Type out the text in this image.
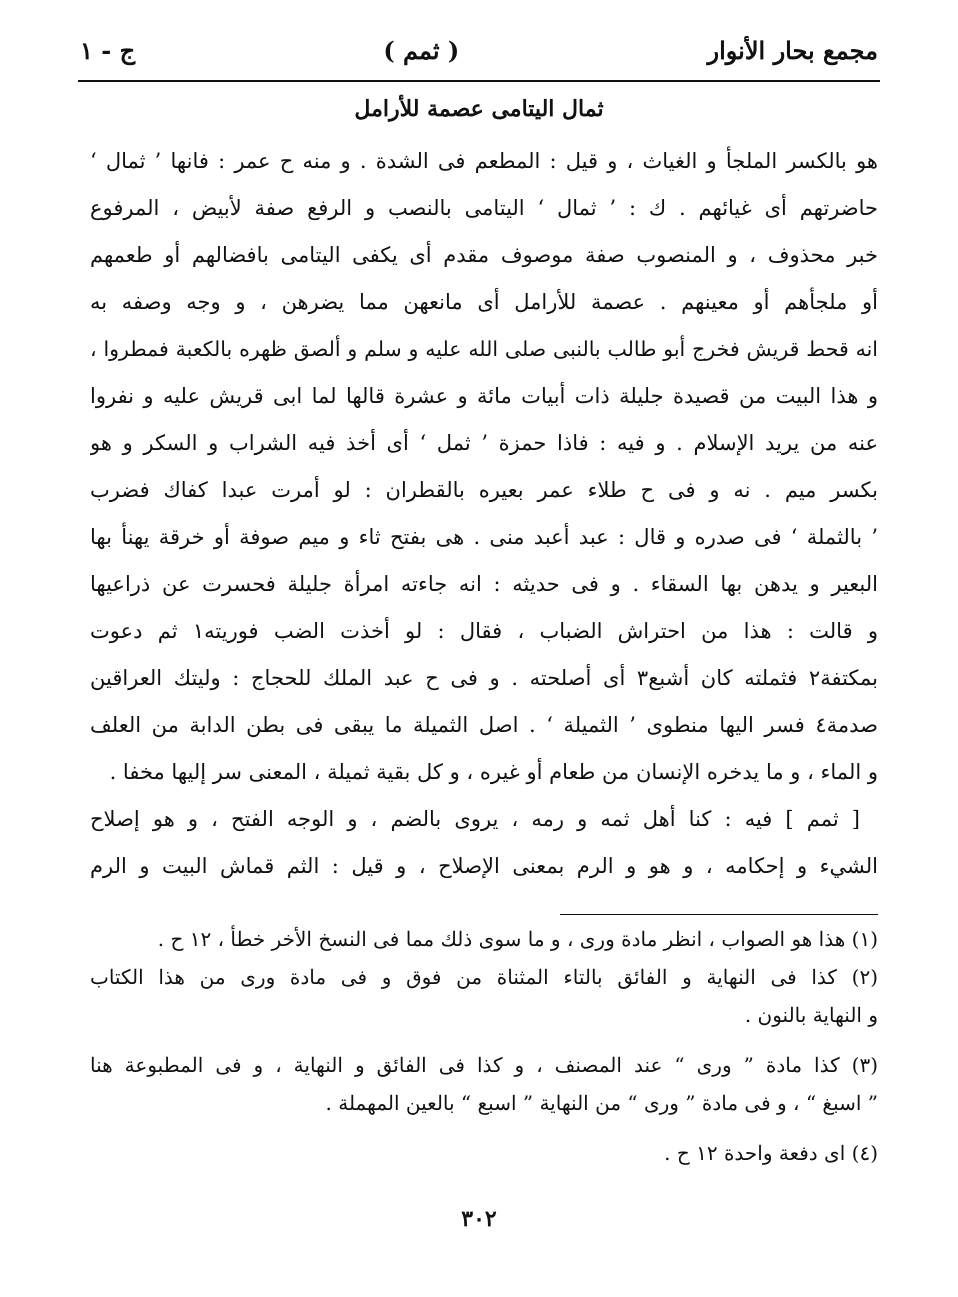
مجمع بحار الأنوار
( ثمم )
ج - ١
ثمال اليتامى عصمة للأرامل
هو بالكسر الملجأ و الغياث ، و قيل : المطعم فى الشدة . و منه ح عمر : فانها ’ ثمال ‘
حاضرتهم أى غيائهم . ك : ’ ثمال ‘ اليتامى بالنصب و الرفع صفة لأبيض ، المرفوع
خبر محذوف ، و المنصوب صفة موصوف مقدم أى يكفى اليتامى بافضالهم أو طعمهم
أو ملجأهم أو معينهم . عصمة للأرامل أى مانعهن مما يضرهن ، و وجه وصفه به
انه قحط قريش فخرج أبو طالب بالنبى صلى الله عليه و سلم و ألصق ظهره بالكعبة فمطروا ،
و هذا البيت من قصيدة جليلة ذات أبيات مائة و عشرة قالها لما ابى قريش عليه و نفروا
عنه من يريد الإسلام . و فيه : فاذا حمزة ’ ثمل ‘ أى أخذ فيه الشراب و السكر و هو
بكسر ميم . نه و فى ح طلاء عمر بعيره بالقطران : لو أمرت عبدا كفاك فضرب
’ بالثملة ‘ فى صدره و قال : عبد أعبد منى . هى بفتح ثاء و ميم صوفة أو خرقة يهنأ بها
البعير و يدهن بها السقاء . و فى حديثه : انه جاءته امرأة جليلة فحسرت عن ذراعيها
و قالت : هذا من احتراش الضباب ، فقال : لو أخذت الضب فوريته١ ثم دعوت
بمكتفة٢ فثملته كان أشبع٣ أى أصلحته . و فى ح عبد الملك للحجاج : وليتك العراقين
صدمة٤ فسر اليها منطوى ’ الثميلة ‘ . اصل الثميلة ما يبقى فى بطن الدابة من العلف
و الماء ، و ما يدخره الإنسان من طعام أو غيره ، و كل بقية ثميلة ، المعنى سر إليها مخفا .
[ ثمم ] فيه : كنا أهل ثمه و رمه ، يروى بالضم ، و الوجه الفتح ، و هو إصلاح
الشيء و إحكامه ، و هو و الرم بمعنى الإصلاح ، و قيل : الثم قماش البيت و الرم
(١) هذا هو الصواب ، انظر مادة ورى ، و ما سوى ذلك مما فى النسخ الأخر خطأ ، ١٢ ح .
(٢) كذا فى النهاية و الفائق بالتاء المثناة من فوق و فى مادة ورى من هذا الكتاب
و النهاية بالنون .
(٣) كذا مادة ” ورى “ عند المصنف ، و كذا فى الفائق و النهاية ، و فى المطبوعة هنا
” اسبغ “ ، و فى مادة ” ورى “ من النهاية ” اسبع “ بالعين المهملة .
(٤) اى دفعة واحدة ١٢ ح .
٣٠٢
